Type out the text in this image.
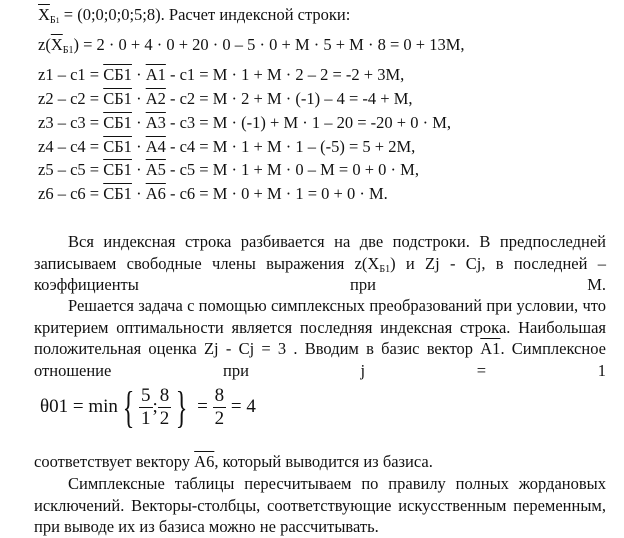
$\overline{X}_{Б1}$ = (0;0;0;0;5;8). Расчет индексной строки:
$z(\overline{X}_{Б1}) = 2 \cdot 0 + 4 \cdot 0 + 20 \cdot 0 - 5 \cdot 0 + M \cdot 5 + M \cdot 8 = 0 + 13M$,
z1 – c1 = CБ1 · A1 - c1 = M · 1 + M · 2 – 2 = -2 + 3M,
z2 – c2 = CБ1 · A2 - c2 = M · 2 + M · (-1) – 4 = -4 + M,
z3 – c3 = CБ1 · A3 - c3 = M · (-1) + M · 1 – 20 = -20 + 0 · M,
z4 – c4 = CБ1 · A4 - c4 = M · 1 + M · 1 – (-5) = 5 + 2M,
z5 – c5 = CБ1 · A5 - c5 = M · 1 + M · 0 – M = 0 + 0 · M,
z6 – c6 = CБ1 · A6 - c6 = M · 0 + M · 1 = 0 + 0 · M.
Вся индексная строка разбивается на две подстроки. В предпоследней записываем свободные члены выражения $z(X_{Б1})$ и Zj - Cj, в последней – коэффициенты при M.
Решается задача с помощью симплексных преобразований при условии, что критерием оптимальности является последняя индексная строка. Наибольшая положительная оценка Zj - Cj = 3 . Вводим в базис вектор A1. Симплексное отношение при j = 1
θ01 = min { $\frac{5}{1}$ ; $\frac{8}{2}$ } = $\frac{8}{2} = 4$
соответствует вектору A6, который выводится из базиса.
Симплексные таблицы пересчитываем по правилу полных жордановых исключений. Векторы-столбцы, соответствующие искусственным переменным, при выводе их из базиса можно не рассчитывать.
